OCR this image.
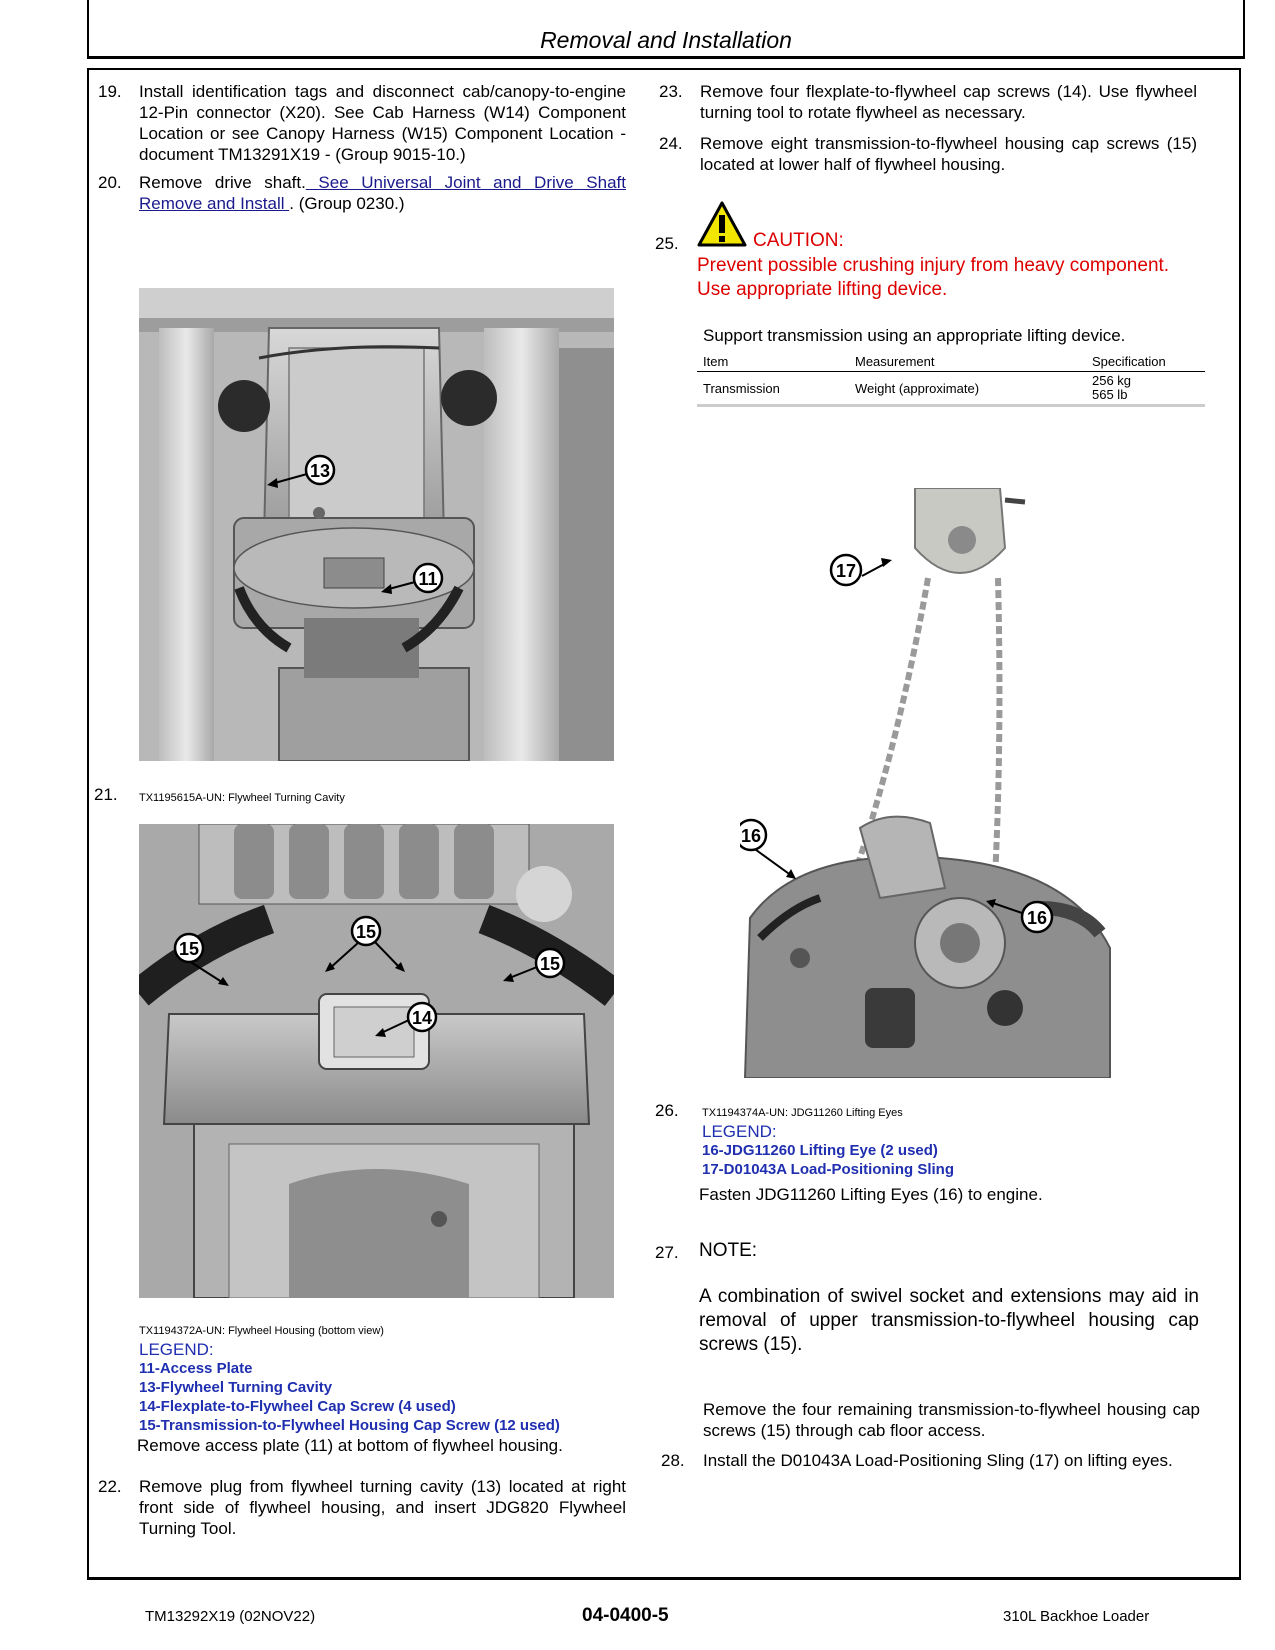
Removal and Installation
19. Install identification tags and disconnect cab/canopy-to-engine 12-Pin connector (X20). See Cab Harness (W14) Component Location or see Canopy Harness (W15) Component Location - document TM13291X19 - (Group 9015-10.)
20. Remove drive shaft. See Universal Joint and Drive Shaft Remove and Install . (Group 0230.)
13
11
21. TX1195615A-UN: Flywheel Turning Cavity
15
15
15
14
TX1194372A-UN: Flywheel Housing (bottom view)
LEGEND:
11-Access Plate
13-Flywheel Turning Cavity
14-Flexplate-to-Flywheel Cap Screw (4 used)
15-Transmission-to-Flywheel Housing Cap Screw (12 used)
Remove access plate (11) at bottom of flywheel housing.
22. Remove plug from flywheel turning cavity (13) located at right front side of flywheel housing, and insert JDG820 Flywheel Turning Tool.
23. Remove four flexplate-to-flywheel cap screws (14). Use flywheel turning tool to rotate flywheel as necessary.
24. Remove eight transmission-to-flywheel housing cap screws (15) located at lower half of flywheel housing.
25.	CAUTION:
Prevent possible crushing injury from heavy component. Use appropriate lifting device.
Support transmission using an appropriate lifting device.
Item	Measurement	Specification
Transmission	Weight (approximate)	256 kg
565 lb
17
16
16
26. TX1194374A-UN: JDG11260 Lifting Eyes
LEGEND:
16-JDG11260 Lifting Eye (2 used)
17-D01043A Load-Positioning Sling
Fasten JDG11260 Lifting Eyes (16) to engine.
27. NOTE:
A combination of swivel socket and extensions may aid in removal of upper transmission-to-flywheel housing cap screws (15).
Remove the four remaining transmission-to-flywheel housing cap screws (15) through cab floor access.
28. Install the D01043A Load-Positioning Sling (17) on lifting eyes.
TM13292X19 (02NOV22)	04-0400-5	310L Backhoe Loader
